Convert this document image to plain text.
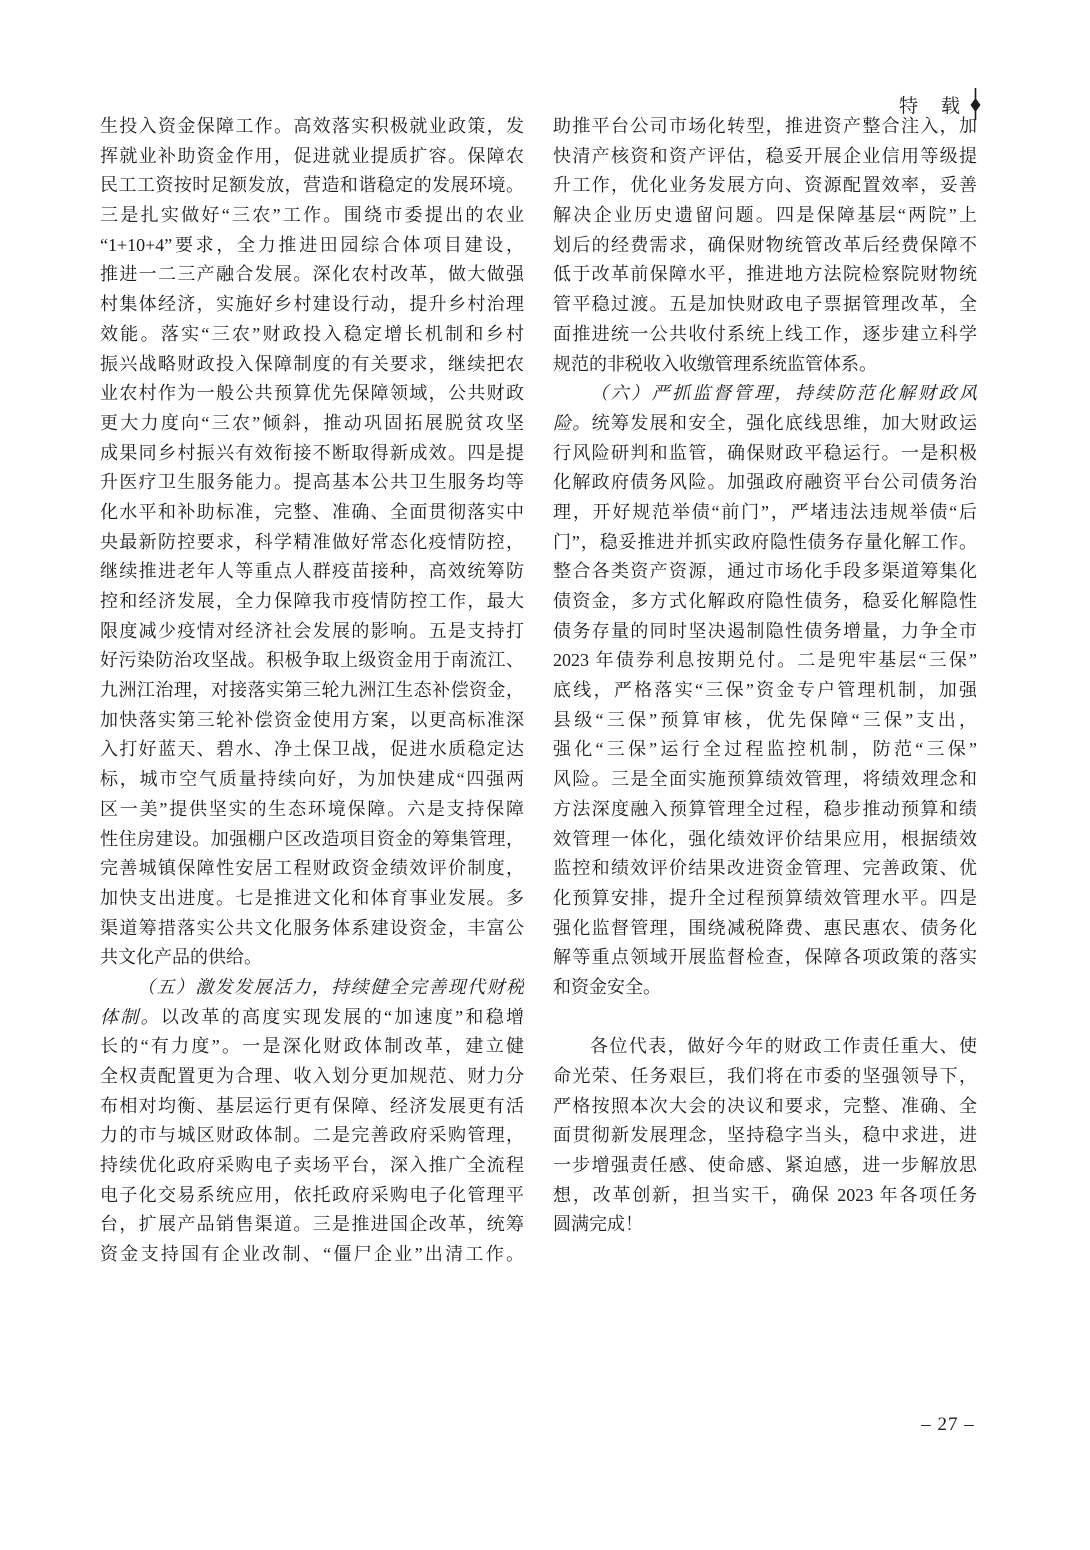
特　载
生投入资金保障工作。高效落实积极就业政策，发
挥就业补助资金作用，促进就业提质扩容。保障农
民工工资按时足额发放，营造和谐稳定的发展环境。
三是扎实做好“三农”工作。围绕市委提出的农业
“1+10+4”要求，全力推进田园综合体项目建设，
推进一二三产融合发展。深化农村改革，做大做强
村集体经济，实施好乡村建设行动，提升乡村治理
效能。落实“三农”财政投入稳定增长机制和乡村
振兴战略财政投入保障制度的有关要求，继续把农
业农村作为一般公共预算优先保障领域，公共财政
更大力度向“三农”倾斜，推动巩固拓展脱贫攻坚
成果同乡村振兴有效衔接不断取得新成效。四是提
升医疗卫生服务能力。提高基本公共卫生服务均等
化水平和补助标准，完整、准确、全面贯彻落实中
央最新防控要求，科学精准做好常态化疫情防控，
继续推进老年人等重点人群疫苗接种，高效统筹防
控和经济发展，全力保障我市疫情防控工作，最大
限度减少疫情对经济社会发展的影响。五是支持打
好污染防治攻坚战。积极争取上级资金用于南流江、
九洲江治理，对接落实第三轮九洲江生态补偿资金，
加快落实第三轮补偿资金使用方案，以更高标准深
入打好蓝天、碧水、净土保卫战，促进水质稳定达
标，城市空气质量持续向好，为加快建成“四强两
区一美”提供坚实的生态环境保障。六是支持保障
性住房建设。加强棚户区改造项目资金的筹集管理，
完善城镇保障性安居工程财政资金绩效评价制度，
加快支出进度。七是推进文化和体育事业发展。多
渠道筹措落实公共文化服务体系建设资金，丰富公
共文化产品的供给。
（五）激发发展活力，持续健全完善现代财税
体制。以改革的高度实现发展的“加速度”和稳增
长的“有力度”。一是深化财政体制改革，建立健
全权责配置更为合理、收入划分更加规范、财力分
布相对均衡、基层运行更有保障、经济发展更有活
力的市与城区财政体制。二是完善政府采购管理，
持续优化政府采购电子卖场平台，深入推广全流程
电子化交易系统应用，依托政府采购电子化管理平
台，扩展产品销售渠道。三是推进国企改革，统筹
资金支持国有企业改制、“僵尸企业”出清工作。
助推平台公司市场化转型，推进资产整合注入，加
快清产核资和资产评估，稳妥开展企业信用等级提
升工作，优化业务发展方向、资源配置效率，妥善
解决企业历史遗留问题。四是保障基层“两院”上
划后的经费需求，确保财物统管改革后经费保障不
低于改革前保障水平，推进地方法院检察院财物统
管平稳过渡。五是加快财政电子票据管理改革，全
面推进统一公共收付系统上线工作，逐步建立科学
规范的非税收入收缴管理系统监管体系。
（六）严抓监督管理，持续防范化解财政风
险。统筹发展和安全，强化底线思维，加大财政运
行风险研判和监管，确保财政平稳运行。一是积极
化解政府债务风险。加强政府融资平台公司债务治
理，开好规范举债“前门”，严堵违法违规举债“后
门”，稳妥推进并抓实政府隐性债务存量化解工作。
整合各类资产资源，通过市场化手段多渠道筹集化
债资金，多方式化解政府隐性债务，稳妥化解隐性
债务存量的同时坚决遏制隐性债务增量，力争全市
2023 年债券利息按期兑付。二是兜牢基层“三保”
底线，严格落实“三保”资金专户管理机制，加强
县级“三保”预算审核，优先保障“三保”支出，
强化“三保”运行全过程监控机制，防范“三保”
风险。三是全面实施预算绩效管理，将绩效理念和
方法深度融入预算管理全过程，稳步推动预算和绩
效管理一体化，强化绩效评价结果应用，根据绩效
监控和绩效评价结果改进资金管理、完善政策、优
化预算安排，提升全过程预算绩效管理水平。四是
强化监督管理，围绕减税降费、惠民惠农、债务化
解等重点领域开展监督检查，保障各项政策的落实
和资金安全。
各位代表，做好今年的财政工作责任重大、使
命光荣、任务艰巨，我们将在市委的坚强领导下，
严格按照本次大会的决议和要求，完整、准确、全
面贯彻新发展理念，坚持稳字当头，稳中求进，进
一步增强责任感、使命感、紧迫感，进一步解放思
想，改革创新，担当实干，确保 2023 年各项任务
圆满完成！
– 27 –
